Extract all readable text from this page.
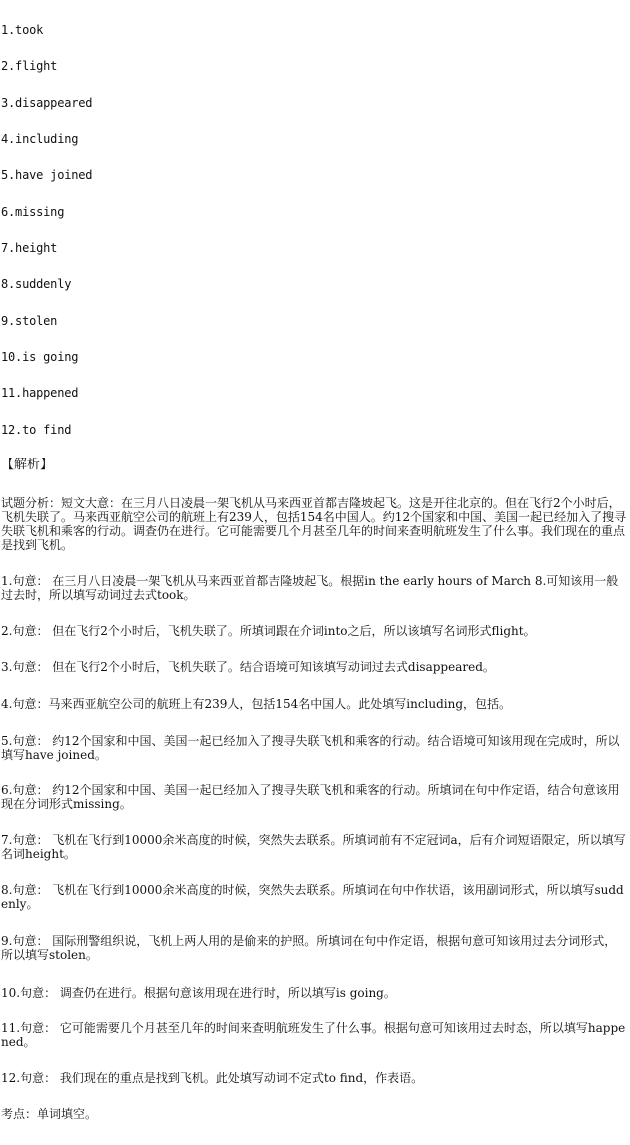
1.took
2.flight
3.disappeared
4.including
5.have joined
6.missing
7.height
8.suddenly
9.stolen
10.is going
11.happened
12.to find
【解析】
试题分析：短文大意：在三月八日凌晨一架飞机从马来西亚首都吉隆坡起飞。这是开往北京的。但在飞行2个小时后，飞机失联了。马来西亚航空公司的航班上有239人，包括154名中国人。约12个国家和中国、美国一起已经加入了搜寻失联飞机和乘客的行动。调查仍在进行。它可能需要几个月甚至几年的时间来查明航班发生了什么事。我们现在的重点是找到飞机。
1.句意： 在三月八日凌晨一架飞机从马来西亚首都吉隆坡起飞。根据in the early hours of March 8.可知该用一般过去时，所以填写动词过去式took。
2.句意： 但在飞行2个小时后，飞机失联了。所填词跟在介词into之后，所以该填写名词形式flight。
3.句意： 但在飞行2个小时后，飞机失联了。结合语境可知该填写动词过去式disappeared。
4.句意：马来西亚航空公司的航班上有239人，包括154名中国人。此处填写including，包括。
5.句意： 约12个国家和中国、美国一起已经加入了搜寻失联飞机和乘客的行动。结合语境可知该用现在完成时，所以填写have joined。
6.句意： 约12个国家和中国、美国一起已经加入了搜寻失联飞机和乘客的行动。所填词在句中作定语，结合句意该用现在分词形式missing。
7.句意： 飞机在飞行到10000余米高度的时候，突然失去联系。所填词前有不定冠词a，后有介词短语限定，所以填写名词height。
8.句意： 飞机在飞行到10000余米高度的时候，突然失去联系。所填词在句中作状语，该用副词形式，所以填写suddenly。
9.句意： 国际刑警组织说，飞机上两人用的是偷来的护照。所填词在句中作定语，根据句意可知该用过去分词形式，所以填写stolen。
10.句意： 调查仍在进行。根据句意该用现在进行时，所以填写is going。
11.句意： 它可能需要几个月甚至几年的时间来查明航班发生了什么事。根据句意可知该用过去时态，所以填写happened。
12.句意： 我们现在的重点是找到飞机。此处填写动词不定式to find，作表语。
考点：单词填空。
